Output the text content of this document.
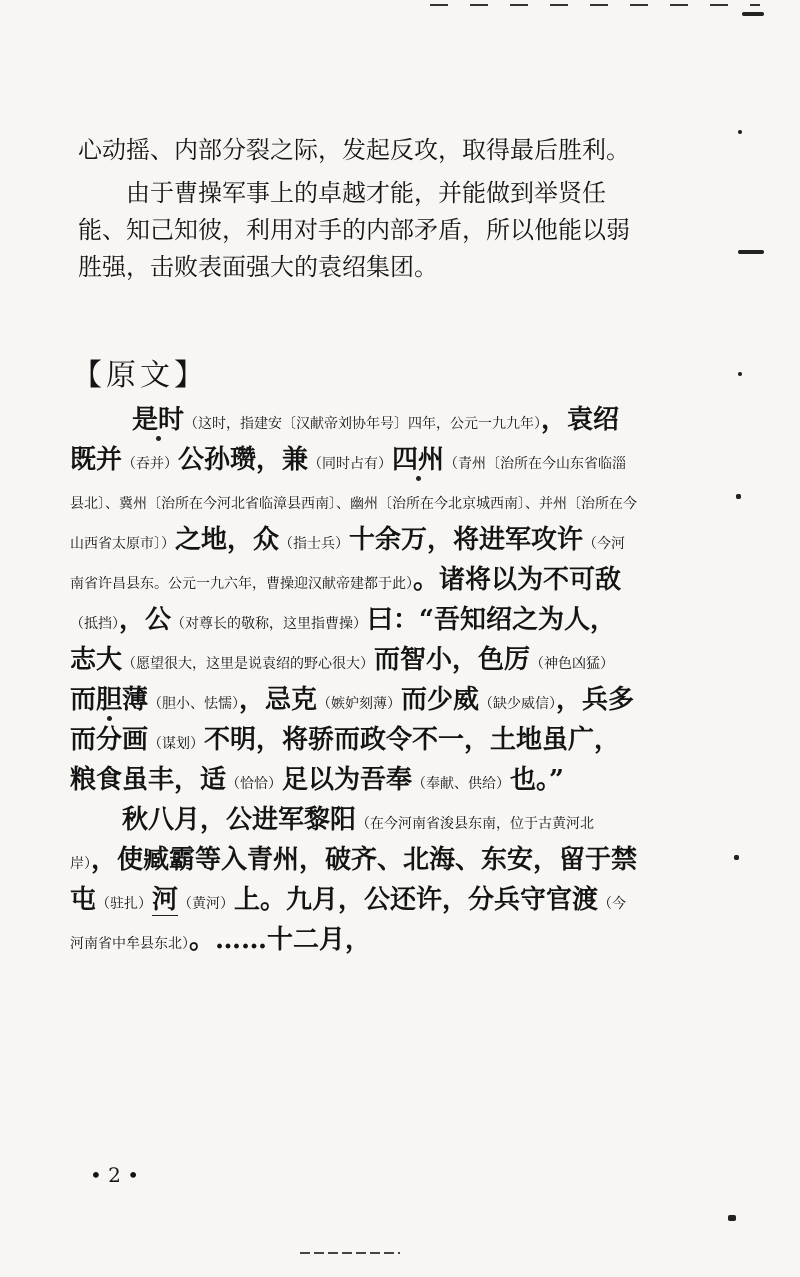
心动摇、内部分裂之际，发起反攻，取得最后胜利。

由于曹操军事上的卓越才能，并能做到举贤任能、知己知彼，利用对手的内部矛盾，所以他能以弱胜强，击败表面强大的袁绍集团。

【原文】

是时（这时，指建安〔汉献帝刘协年号〕四年，公元一九九年），袁绍既并（吞并）公孙瓒，兼（同时占有）四州（青州〔治所在今山东省临淄县北〕、冀州〔治所在今河北省临漳县西南〕、幽州〔治所在今北京城西南〕、并州〔治所在今山西省太原市〕）之地，众（指士兵）十余万，将进军攻许（今河南省许昌县东。公元一九六年，曹操迎汉献帝建都于此）。诸将以为不可敌（抵挡），公（对尊长的敬称，这里指曹操）曰：“吾知绍之为人，志大（愿望很大，这里是说袁绍的野心很大）而智小，色厉（神色凶猛）而胆薄（胆小、怯懦），忌克（嫉妒刻薄）而少威（缺少威信），兵多而分画（谋划）不明，将骄而政令不一，土地虽广，粮食虽丰，适（恰恰）足以为吾奉（奉献、供给）也。”

秋八月，公进军黎阳（在今河南省浚县东南，位于古黄河北岸），使臧霸等入青州，破齐、北海、东安，留于禁屯（驻扎）河（黄河）上。九月，公还许，分兵守官渡（今河南省中牟县东北）。……十二月，

• 2 •
